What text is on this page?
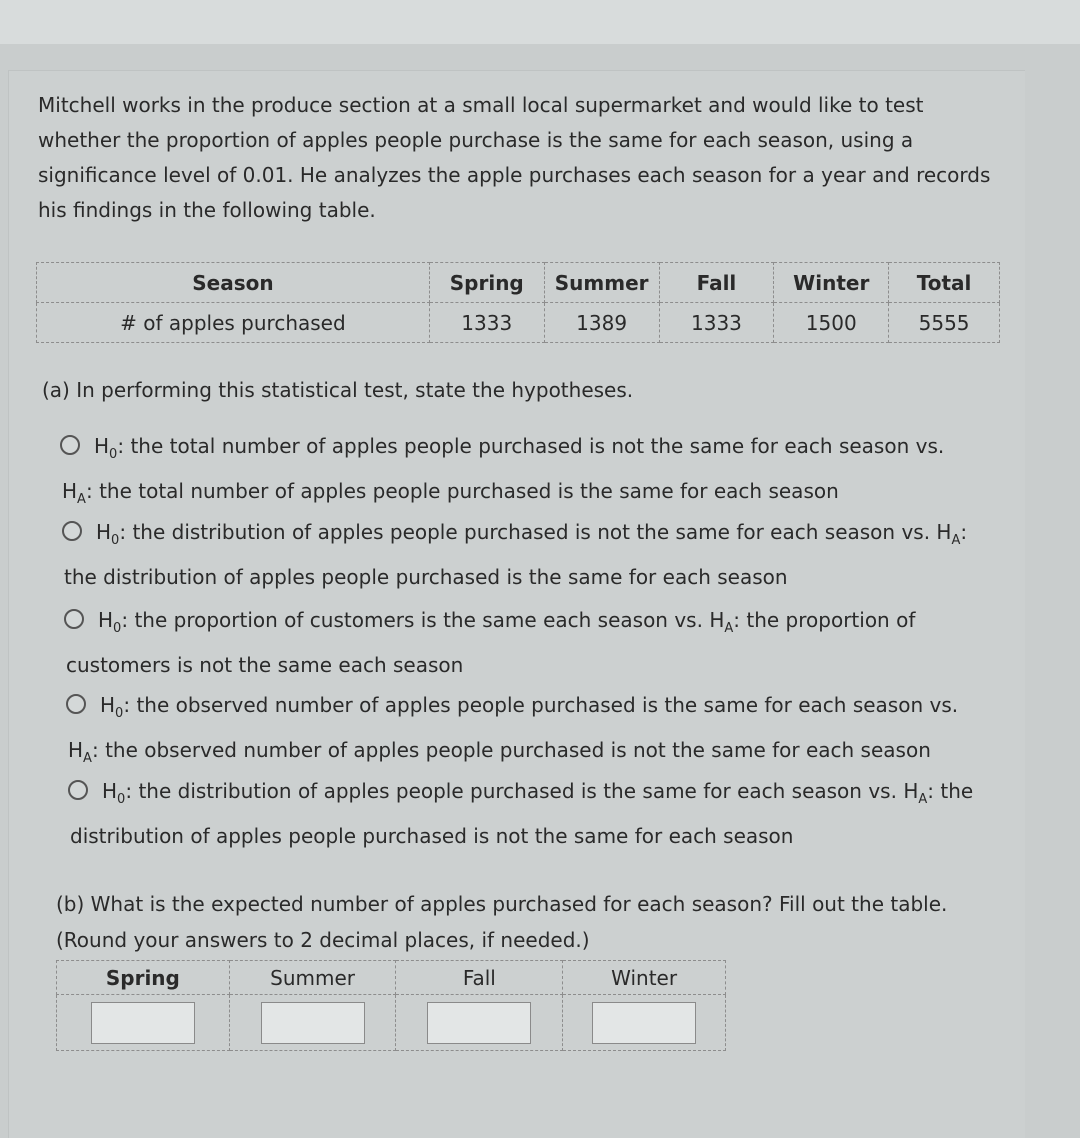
Mitchell works in the produce section at a small local supermarket and would like to test whether the proportion of apples people purchase is the same for each season, using a significance level of 0.01. He analyzes the apple purchases each season for a year and records his findings in the following table.
Season	Spring	Summer	Fall	Winter	Total
# of apples purchased	1333	1389	1333	1500	5555
(a) In performing this statistical test, state the hypotheses.
$H_0$: the total number of apples people purchased is not the same for each season vs.
$H_A$: the total number of apples people purchased is the same for each season
$H_0$: the distribution of apples people purchased is not the same for each season vs. $H_A$:
the distribution of apples people purchased is the same for each season
$H_0$: the proportion of customers is the same each season vs. $H_A$: the proportion of customers is not the same each season
$H_0$: the observed number of apples people purchased is the same for each season vs.
$H_A$: the observed number of apples people purchased is not the same for each season
$H_0$: the distribution of apples people purchased is the same for each season vs. $H_A$: the distribution of apples people purchased is not the same for each season
(b) What is the expected number of apples purchased for each season? Fill out the table.
(Round your answers to 2 decimal places, if needed.)
Spring	Summer	Fall	Winter
